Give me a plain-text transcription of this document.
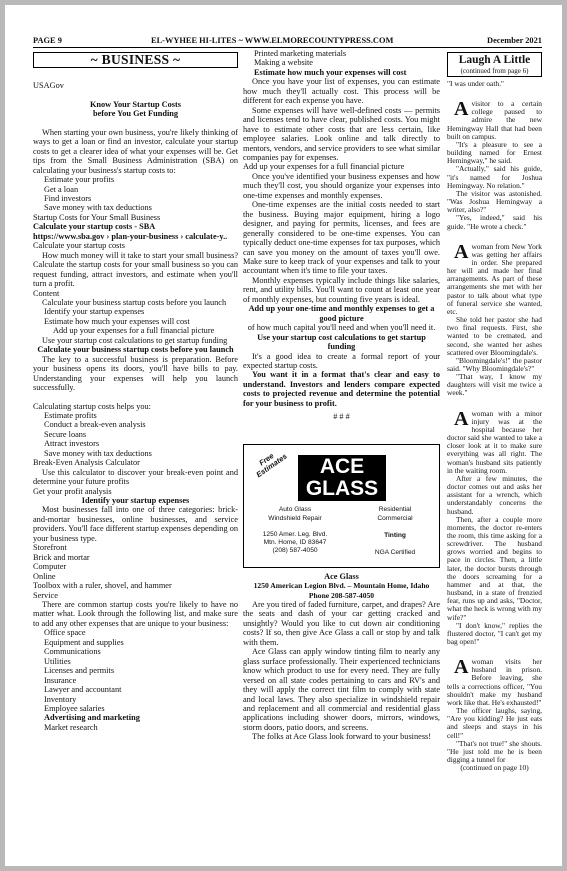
PAGE 9	EL-WYHEE HI-LITES ~ WWW.ELMORECOUNTYPRESS.COM	December 2021
~ BUSINESS ~

USAGov

Know Your Startup Costs

before You Get Funding

When starting your own business, you're likely thinking of ways to get a loan or find an investor, calculate your startup costs to get a clearer idea of what your expenses will be. Get tips from the Small Business Administration (SBA) on calculating your business's startup costs to:

Estimate your profits

Get a loan

Find investors

Save money with tax deductions

Startup Costs for Your Small Business

Calculate your startup costs - SBA

https://www.sba.gov › plan-your-business › calculate-y..

Calculate your startup costs

How much money will it take to start your small business? Calculate the startup costs for your small business so you can request funding, attract investors, and estimate when you'll turn a profit.

Content

Calculate your business startup costs before you launch

Identify your startup expenses

Estimate how much your expenses will cost

Add up your expenses for a full financial picture

Use your startup cost calculations to get startup funding

Calculate your business startup costs before you launch

The key to a successful business is preparation. Before your business opens its doors, you'll have bills to pay. Understanding your expenses will help you launch successfully.

Calculating startup costs helps you:

Estimate profits

Conduct a break-even analysis

Secure loans

Attract investors

Save money with tax deductions

Break-Even Analysis Calculator

Use this calculator to discover your break-even point and determine your future profits

Get your profit analysis

Identify your startup expenses

Most businesses fall into one of three categories: brick-and-mortar businesses, online businesses, and service providers. You'll face different startup expenses depending on your business type.

Storefront

Brick and mortar

Computer

Online

Toolbox with a ruler, shovel, and hammer

Service

There are common startup costs you're likely to have no matter what. Look through the following list, and make sure to add any other expenses that are unique to your business:

Office space

Equipment and supplies

Communications

Utilities

Licenses and permits

Insurance

Lawyer and accountant

Inventory

Employee salaries

Advertising and marketing

Market research

Printed marketing materials

Making a website

Estimate how much your expenses will cost

Once you have your list of expenses, you can estimate how much they'll actually cost. This process will be different for each expense you have.

Some expenses will have well-defined costs — permits and licenses tend to have clear, published costs. You might have to estimate other costs that are less certain, like employee salaries. Look online and talk directly to mentors, vendors, and service providers to see what similar companies pay for expenses.

Add up your expenses for a full financial picture

Once you've identified your business expenses and how much they'll cost, you should organize your expenses into one-time expenses and monthly expenses.

One-time expenses are the initial costs needed to start the business. Buying major equipment, hiring a logo designer, and paying for permits, licenses, and fees are generally considered to be one-time expenses. You can typically deduct one-time expenses for tax purposes, which can save you money on the amount of taxes you'll owe. Make sure to keep track of your expenses and talk to your accountant when it's time to file your taxes.

Monthly expenses typically include things like salaries, rent, and utility bills. You'll want to count at least one year of monthly expenses, but counting five years is ideal.

Add up your one-time and monthly expenses to get a good picture

of how much capital you'll need and when you'll need it.

Use your startup cost calculations to get startup funding

It's a good idea to create a formal report of your expected startup costs.

You want it in a format that's clear and easy to understand. Investors and lenders compare expected costs to projected revenue and determine the potential for your business to profit.

# # #

Free Estimates	ACE
GLASS
Auto Glass
Windshield Repair
Residential
Commercial
1250 Amer. Leg. Blvd.
Mtn. Home, ID 83647
(208) 587-4050
Tinting
NGA Certified

Ace Glass

1250 American Legion Blvd. – Mountain Home, Idaho

Phone 208-587-4050

Are you tired of faded furniture, carpet, and drapes? Are the seats and dash of your car getting cracked and unsightly? Would you like to cut down air conditioning costs? If so, then give Ace Glass a call or stop by and talk with them.

Ace Glass can apply window tinting film to nearly any glass surface professionally. Their experienced technicians know which product to use for every need. They are fully versed on all state codes pertaining to cars and RV's and they will apply the correct tint film to comply with state and local laws. They also specialize in windshield repair and replacement and all commercial and residential glass applications including shower doors, mirrors, windows, storm doors, patio doors, and screens.

The folks at Ace Glass look forward to your business!

Laugh A Little
(continued from page 6)

"I was under oath."

Avisitor to a certain college paused to admire the new Hemingway Hall that had been built on campus.

"It's a pleasure to see a building named for Ernest Hemingway," he said.

"Actually," said his guide, "it's named for Joshua Hemingway. No relation."

The visitor was astonished. "Was Joshua Hemingway a writer, also?"

"Yes, indeed," said his guide. "He wrote a check."

Awoman from New York was getting her affairs in order. She prepared her will and made her final arrangements. As part of these arrangements she met with her pastor to talk about what type of funeral service she wanted, etc.

She told her pastor she had two final requests. First, she wanted to be cremated, and second, she wanted her ashes scattered over Bloomingdale's.

"Bloomingdale's!" the pastor said. "Why Bloomingdale's?"

"That way, I know my daughters will visit me twice a week."

Awoman with a minor injury was at the hospital because her doctor said she wanted to take a closer look at it to make sure everything was all right. The woman's husband sits patiently in the waiting room.

After a few minutes, the doctor comes out and asks her assistant for a wrench, which understandably concerns the husband.

Then, after a couple more moments, the doctor re-enters the room, this time asking for a screwdriver. The husband grows worried and begins to pace in circles. Then, a little later, the doctor bursts through the doors screaming for a hammer and at that, the husband, in a state of frenzied fear, runs up and asks, "Doctor, what the heck is wrong with my wife?"

"I don't know," replies the flustered doctor, "I can't get my bag open!"

Awoman visits her husband in prison. Before leaving, she tells a corrections officer, "You shouldn't make my husband work like that. He's exhausted!"

The officer laughs, saying, "Are you kidding? He just eats and sleeps and stays in his cell!"

"That's not true!" she shouts. "He just told me he is been digging a tunnel for

(continued on page 10)
